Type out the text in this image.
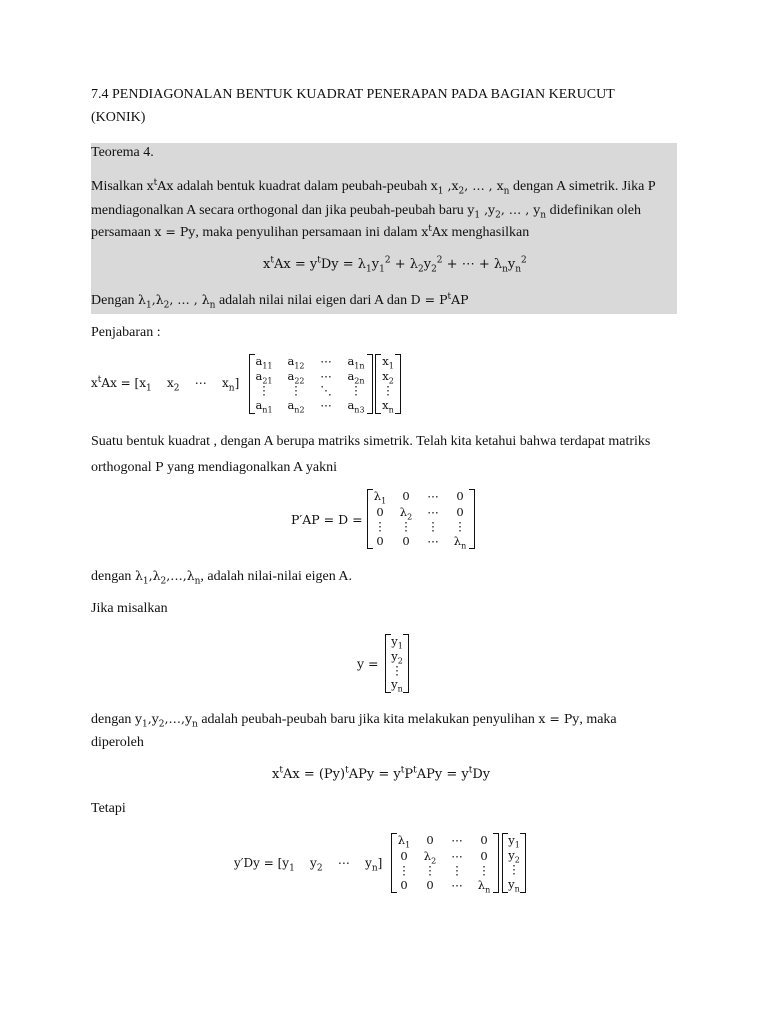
7.4 PENDIAGONALAN BENTUK KUADRAT PENERAPAN PADA BAGIAN KERUCUT
(KONIK)
Teorema 4.
Misalkan $x^tAx$ adalah bentuk kuadrat dalam peubah-peubah $x_1$ $,x_2$, … , $x_n$ dengan A simetrik. Jika P
mendiagonalkan A secara orthogonal dan jika peubah-peubah baru $y_1$ $,y_2$, … , $y_n$ didefinikan oleh
persamaan x = Py, maka penyulihan persamaan ini dalam $x^tAx$ menghasilkan
$x^tAx = y^tDy = \lambda_1y_1^2 + \lambda_2y_2^2$ + ⋯ + $\lambda_ny_n^2$
Dengan $\lambda_1,\lambda_2$, … , $\lambda_n$ adalah nilai nilai eigen dari A dan $D = P^tAP$
Penjabaran :
$x^tAx = [x_1$    $x_2$    ⋯    $x_n$]
$a_{11}$	$a_{12}$	⋯	$a_{1n}$
$a_{21}$	$a_{22}$	⋯	$a_{2n}$
⋮	⋮	⋱	⋮
$a_{n1}$	$a_{n2}$	⋯	$a_{n3}$
$x_1$
$x_2$
⋮
$x_n$
Suatu bentuk kuadrat , dengan A berupa matriks simetrik. Telah kita ketahui bahwa terdapat matriks
orthogonal P yang mendiagonalkan A yakni
P′AP = D =
$\lambda_1$	0	⋯	0
0	$\lambda_2$	⋯	0
⋮	⋮	⋮	⋮
0	0	⋯	$\lambda_n$
dengan $\lambda_1,\lambda_2,\dots,\lambda_n$, adalah nilai-nilai eigen A.
Jika misalkan
y =
$y_1$
$y_2$
⋮
$y_n$
dengan $y_1,y_2,\dots,y_n$ adalah peubah-peubah baru jika kita melakukan penyulihan x = Py, maka
diperoleh
$x^tAx = (Py)^tAPy = y^tP^tAPy = y^tDy$
Tetapi
$y'Dy = [y_1$    $y_2$    ⋯    $y_n$]
$\lambda_1$	0	⋯	0
0	$\lambda_2$	⋯	0
⋮	⋮	⋮	⋮
0	0	⋯	$\lambda_n$
$y_1$
$y_2$
⋮
$y_n$
